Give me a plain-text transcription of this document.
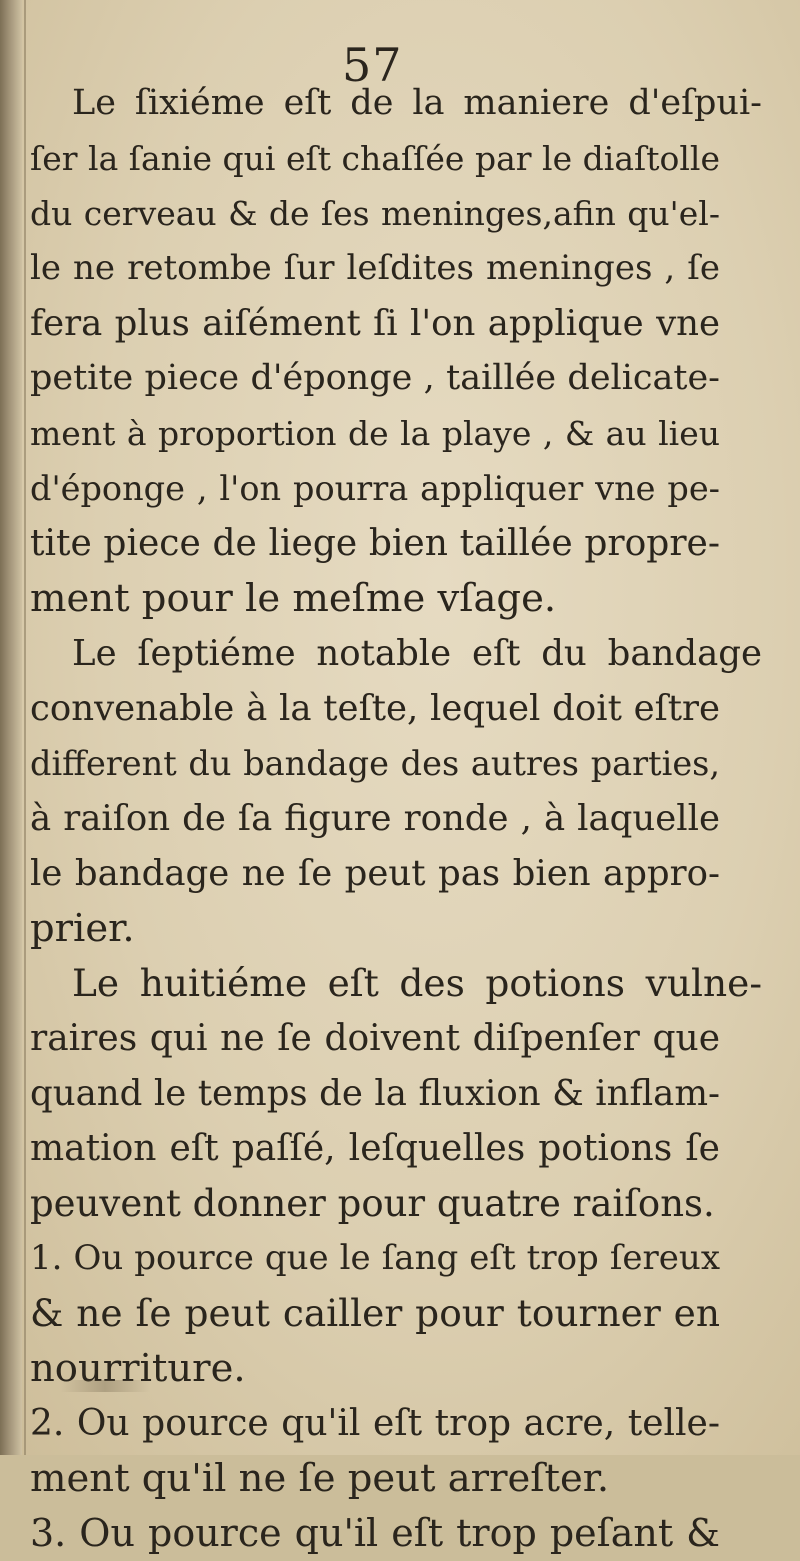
57
Le ſixiéme eſt de la maniere d'eſpui-
ſer la ſanie qui eſt chaſſée par le diaſtolle
du cerveau & de ſes meninges,afin qu'el-
le ne retombe ſur leſdites meninges , ſe
fera plus aiſément ſi l'on applique vne
petite piece d'éponge , taillée delicate-
ment à proportion de la playe , & au lieu
d'éponge , l'on pourra appliquer vne pe-
tite piece de liege bien taillée propre-
ment pour le meſme vſage.
Le ſeptiéme notable eſt du bandage
convenable à la teſte, lequel doit eſtre
different du bandage des autres parties,
à raiſon de ſa figure ronde , à laquelle
le bandage ne ſe peut pas bien appro-
prier.
Le huitiéme eſt des potions vulne-
raires qui ne ſe doivent diſpenſer que
quand le temps de la fluxion & inflam-
mation eſt paſſé, leſquelles potions ſe
peuvent donner pour quatre raiſons.
1. Ou pource que le ſang eſt trop ſereux
& ne ſe peut cailler pour tourner en
nourriture.
2. Ou pource qu'il eſt trop acre, telle-
ment qu'il ne ſe peut arreſter.
3. Ou pource qu'il eſt trop peſant &
